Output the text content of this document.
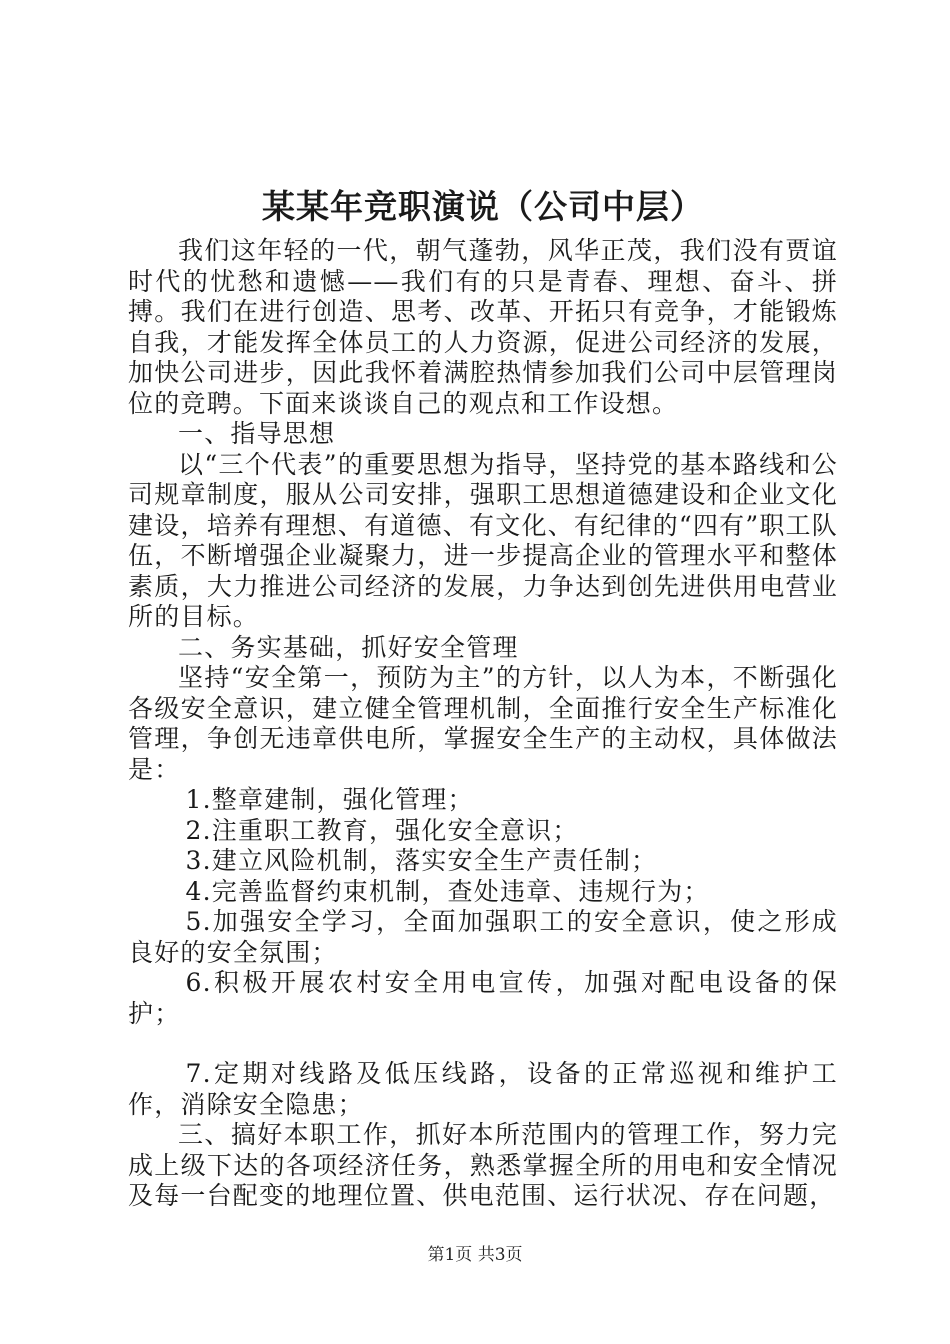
某某年竞职演说（公司中层）

我们这年轻的一代，朝气蓬勃，风华正茂，我们没有贾谊时代的忧愁和遗憾——我们有的只是青春、理想、奋斗、拼搏。我们在进行创造、思考、改革、开拓只有竞争，才能锻炼自我，才能发挥全体员工的人力资源，促进公司经济的发展，加快公司进步，因此我怀着满腔热情参加我们公司中层管理岗位的竞聘。下面来谈谈自己的观点和工作设想。

一、指导思想

以“三个代表”的重要思想为指导，坚持党的基本路线和公司规章制度，服从公司安排，强职工思想道德建设和企业文化建设，培养有理想、有道德、有文化、有纪律的“四有”职工队伍，不断增强企业凝聚力，进一步提高企业的管理水平和整体素质，大力推进公司经济的发展，力争达到创先进供用电营业所的目标。

二、务实基础，抓好安全管理

坚持“安全第一，预防为主”的方针，以人为本，不断强化各级安全意识，建立健全管理机制，全面推行安全生产标准化管理，争创无违章供电所，掌握安全生产的主动权，具体做法是：

1.整章建制，强化管理；

2.注重职工教育，强化安全意识；

3.建立风险机制，落实安全生产责任制；

4.完善监督约束机制，查处违章、违规行为；

5.加强安全学习，全面加强职工的安全意识，使之形成良好的安全氛围；

6.积极开展农村安全用电宣传，加强对配电设备的保护；

7.定期对线路及低压线路，设备的正常巡视和维护工作，消除安全隐患；

三、搞好本职工作，抓好本所范围内的管理工作，努力完成上级下达的各项经济任务，熟悉掌握全所的用电和安全情况及每一台配变的地理位置、供电范围、运行状况、存在问题，

第1页 共3页
